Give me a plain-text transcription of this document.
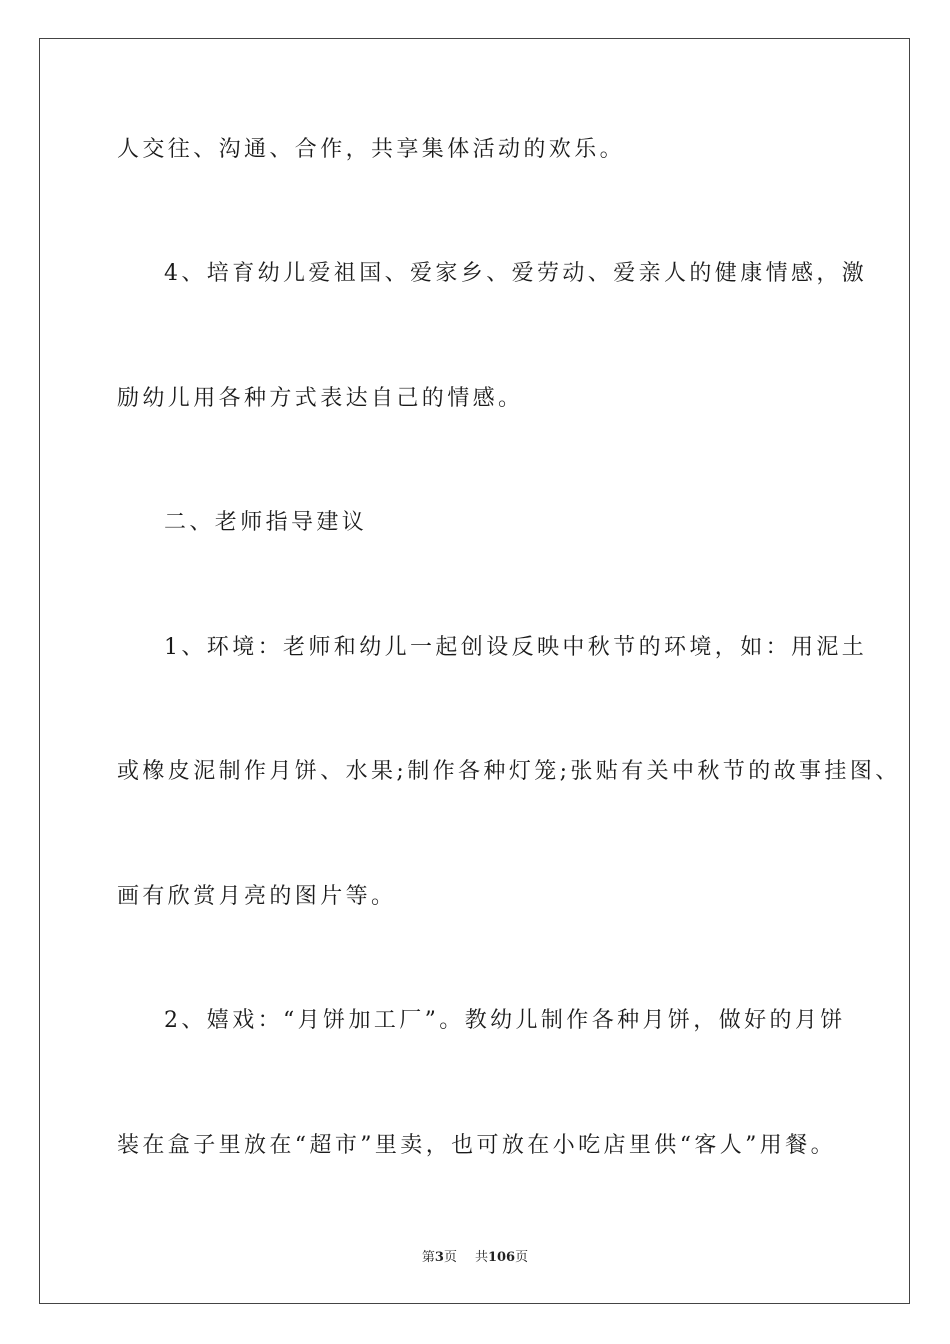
人交往、沟通、合作，共享集体活动的欢乐。
4、培育幼儿爱祖国、爱家乡、爱劳动、爱亲人的健康情感，激
励幼儿用各种方式表达自己的情感。
二、老师指导建议
1、环境：老师和幼儿一起创设反映中秋节的环境，如：用泥土
或橡皮泥制作月饼、水果;制作各种灯笼;张贴有关中秋节的故事挂图、
画有欣赏月亮的图片等。
2、嬉戏：“月饼加工厂”。教幼儿制作各种月饼，做好的月饼
装在盒子里放在“超市”里卖，也可放在小吃店里供“客人”用餐。
第3页 共106页
